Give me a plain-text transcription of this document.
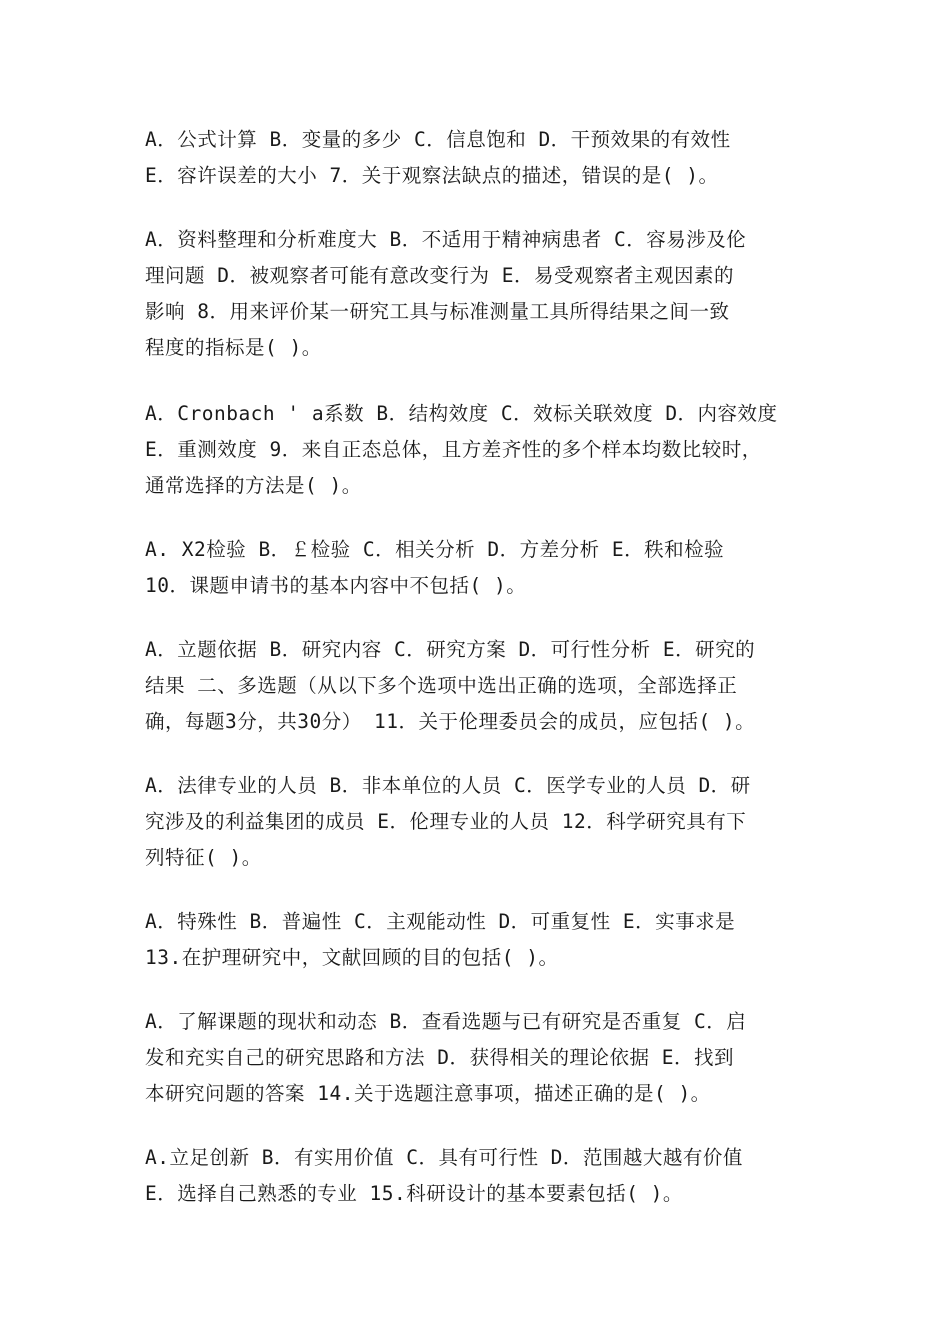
A．公式计算 B．变量的多少 C．信息饱和 D．干预效果的有效性
E．容许误差的大小 7．关于观察法缺点的描述，错误的是( )。
A．资料整理和分析难度大 B．不适用于精神病患者 C．容易涉及伦
理问题 D．被观察者可能有意改变行为 E．易受观察者主观因素的
影响 8．用来评价某一研究工具与标准测量工具所得结果之间一致
程度的指标是( )。
A．Cronbach ' a系数 B．结构效度 C．效标关联效度 D．内容效度
E．重测效度 9．来自正态总体，且方差齐性的多个样本均数比较时，
通常选择的方法是( )。
A. X2检验 B．￡检验 C．相关分析 D．方差分析 E．秩和检验
10．课题申请书的基本内容中不包括( )。
A．立题依据 B．研究内容 C．研究方案 D．可行性分析 E．研究的
结果 二、多选题（从以下多个选项中选出正确的选项，全部选择正
确，每题3分，共30分） 11．关于伦理委员会的成员，应包括( )。
A．法律专业的人员 B．非本单位的人员 C．医学专业的人员 D．研
究涉及的利益集团的成员 E．伦理专业的人员 12．科学研究具有下
列特征( )。
A．特殊性 B．普遍性 C．主观能动性 D．可重复性 E．实事求是
13.在护理研究中，文献回顾的目的包括( )。
A．了解课题的现状和动态 B．查看选题与已有研究是否重复 C．启
发和充实自己的研究思路和方法 D．获得相关的理论依据 E．找到
本研究问题的答案 14.关于选题注意事项，描述正确的是( )。
A.立足创新 B．有实用价值 C．具有可行性 D．范围越大越有价值
E．选择自己熟悉的专业 15.科研设计的基本要素包括( )。
